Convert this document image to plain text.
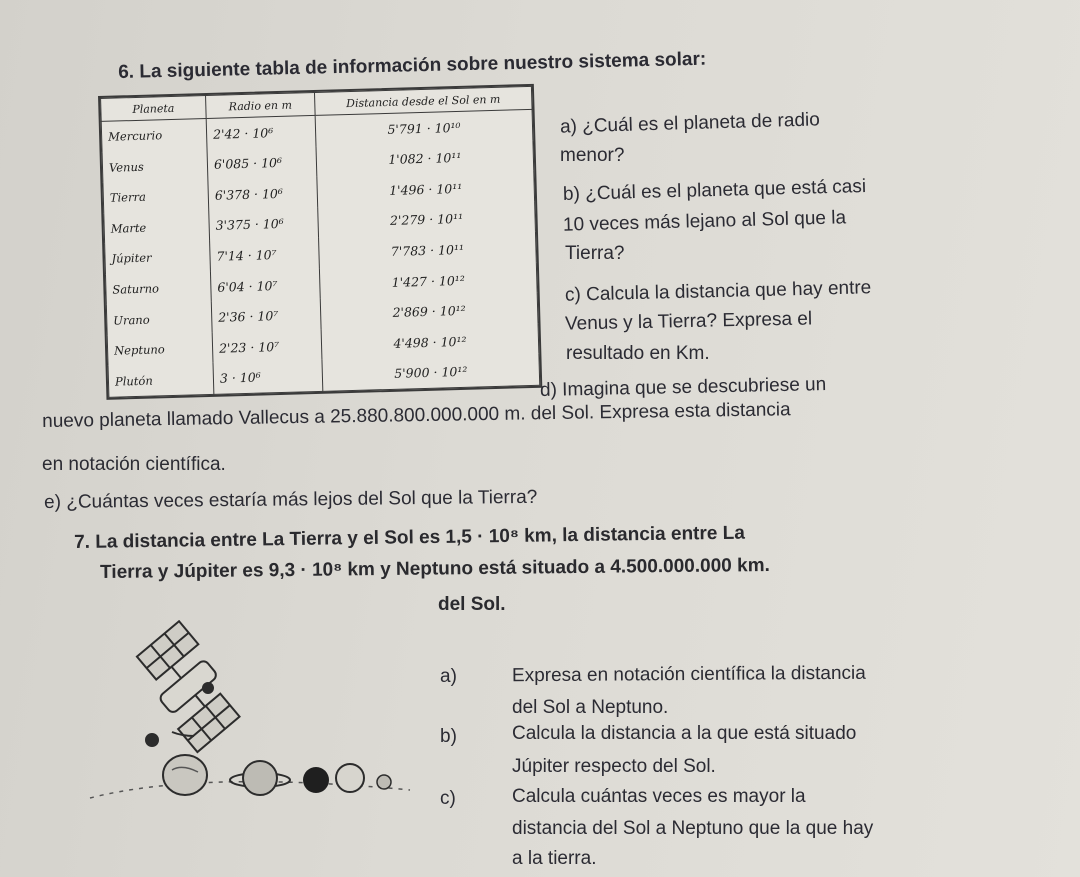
6. La siguiente tabla de información sobre nuestro sistema solar:
Planeta	Radio en m	Distancia desde el Sol en m
Mercurio	2'42 · 10⁶	5'791 · 10¹⁰
Venus	6'085 · 10⁶	1'082 · 10¹¹
Tierra	6'378 · 10⁶	1'496 · 10¹¹
Marte	3'375 · 10⁶	2'279 · 10¹¹
Júpiter	7'14 · 10⁷	7'783 · 10¹¹
Saturno	6'04 · 10⁷	1'427 · 10¹²
Urano	2'36 · 10⁷	2'869 · 10¹²
Neptuno	2'23 · 10⁷	4'498 · 10¹²
Plutón	3 · 10⁶	5'900 · 10¹²
a) ¿Cuál es el planeta de radio
menor?
b) ¿Cuál es el planeta que está casi
10 veces más lejano al Sol que la
Tierra?
c) Calcula la distancia que hay entre
Venus y la Tierra? Expresa el
resultado en Km.
d) Imagina que se descubriese un
nuevo planeta llamado Vallecus a 25.880.800.000.000 m. del Sol. Expresa esta distancia
en notación científica.
e) ¿Cuántas veces estaría más lejos del Sol que la Tierra?
7. La distancia entre La Tierra y el Sol es 1,5 · 10⁸ km, la distancia entre La
Tierra y Júpiter es 9,3 · 10⁸ km y Neptuno está situado a 4.500.000.000 km.
del Sol.
a)	Expresa en notación científica la distancia
del Sol a Neptuno.
b)	Calcula la distancia a la que está situado
Júpiter respecto del Sol.
c)	Calcula cuántas veces es mayor la
distancia del Sol a Neptuno que la que hay
a la tierra.
